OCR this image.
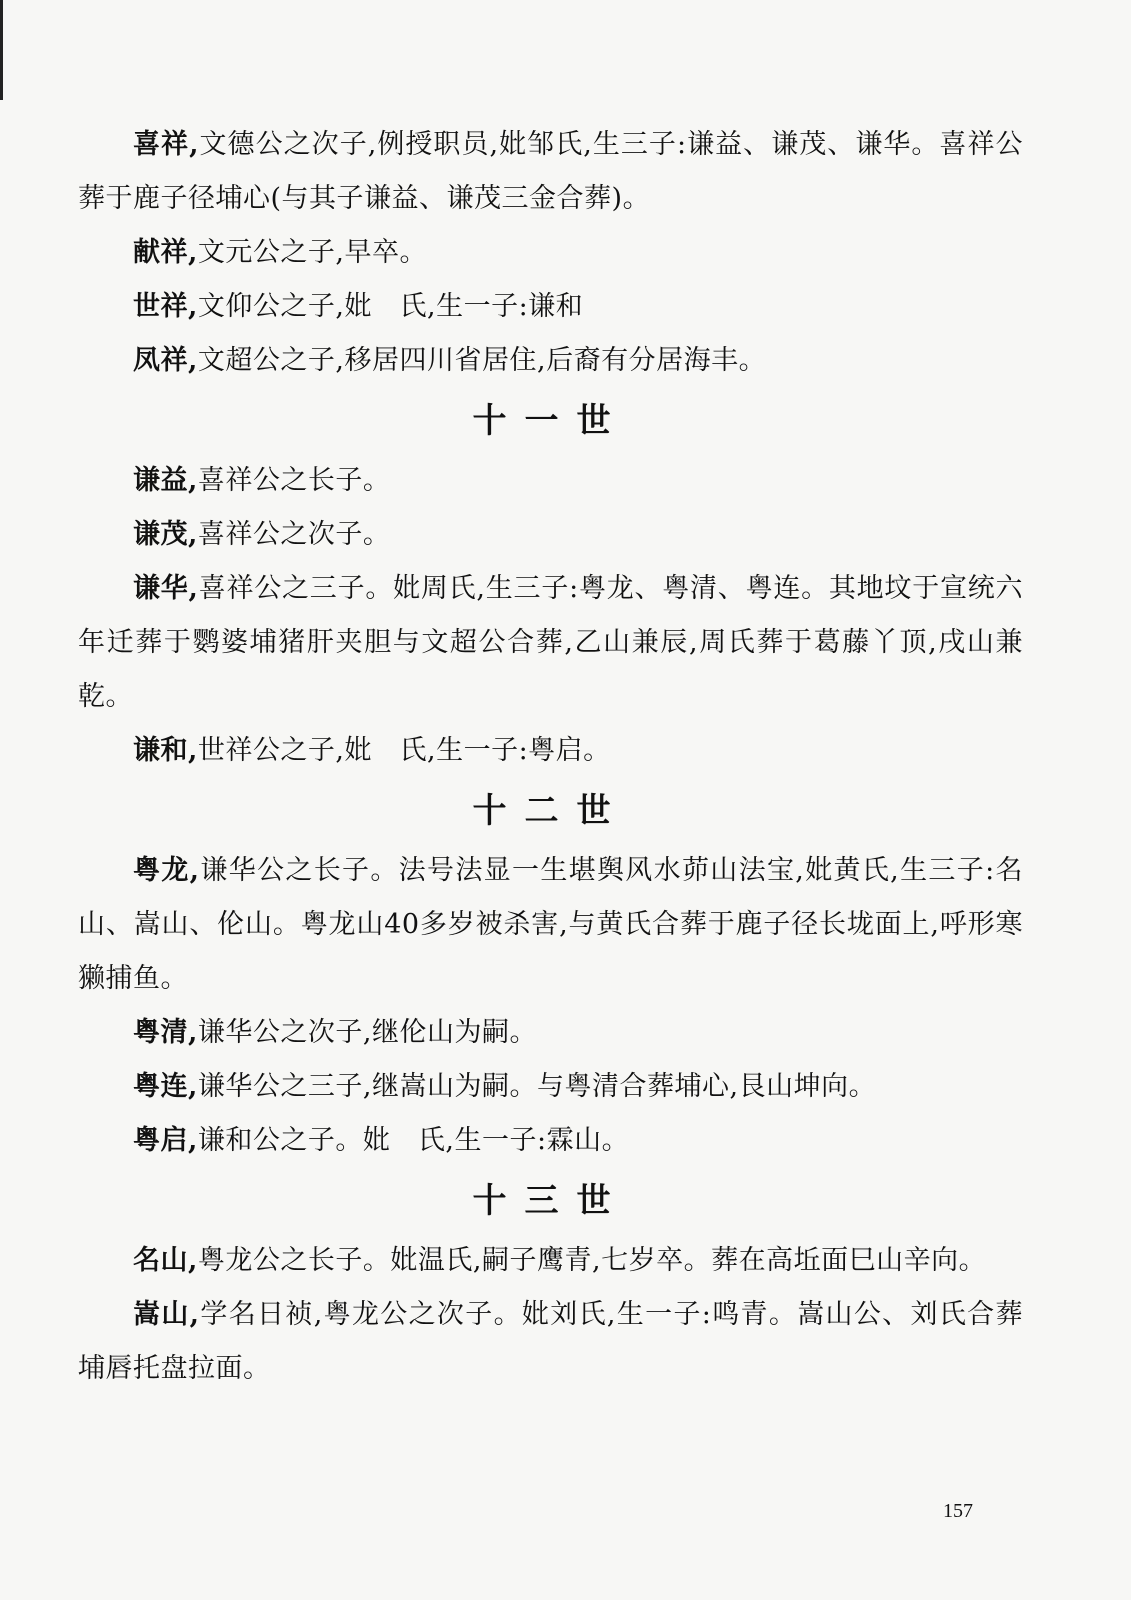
喜祥,文德公之次子,例授职员,妣邹氏,生三子:谦益、谦茂、谦华。喜祥公葬于鹿子径埔心(与其子谦益、谦茂三金合葬)。

献祥,文元公之子,早卒。

世祥,文仰公之子,妣　氏,生一子:谦和

凤祥,文超公之子,移居四川省居住,后裔有分居海丰。

十一世

谦益,喜祥公之长子。

谦茂,喜祥公之次子。

谦华,喜祥公之三子。妣周氏,生三子:粤龙、粤清、粤连。其地坟于宣统六年迁葬于鹦婆埔猪肝夹胆与文超公合葬,乙山兼辰,周氏葬于葛藤丫顶,戌山兼乾。

谦和,世祥公之子,妣　氏,生一子:粤启。

十二世

粤龙,谦华公之长子。法号法显一生堪舆风水茆山法宝,妣黄氏,生三子:名山、嵩山、伦山。粤龙山40多岁被杀害,与黄氏合葬于鹿子径长垅面上,呼形寒獭捕鱼。

粤清,谦华公之次子,继伦山为嗣。

粤连,谦华公之三子,继嵩山为嗣。与粤清合葬埔心,艮山坤向。

粤启,谦和公之子。妣　氏,生一子:霖山。

十三世

名山,粤龙公之长子。妣温氏,嗣子鹰青,七岁卒。葬在高坵面巳山辛向。

嵩山,学名日祯,粤龙公之次子。妣刘氏,生一子:鸣青。嵩山公、刘氏合葬埔唇托盘拉面。

157
